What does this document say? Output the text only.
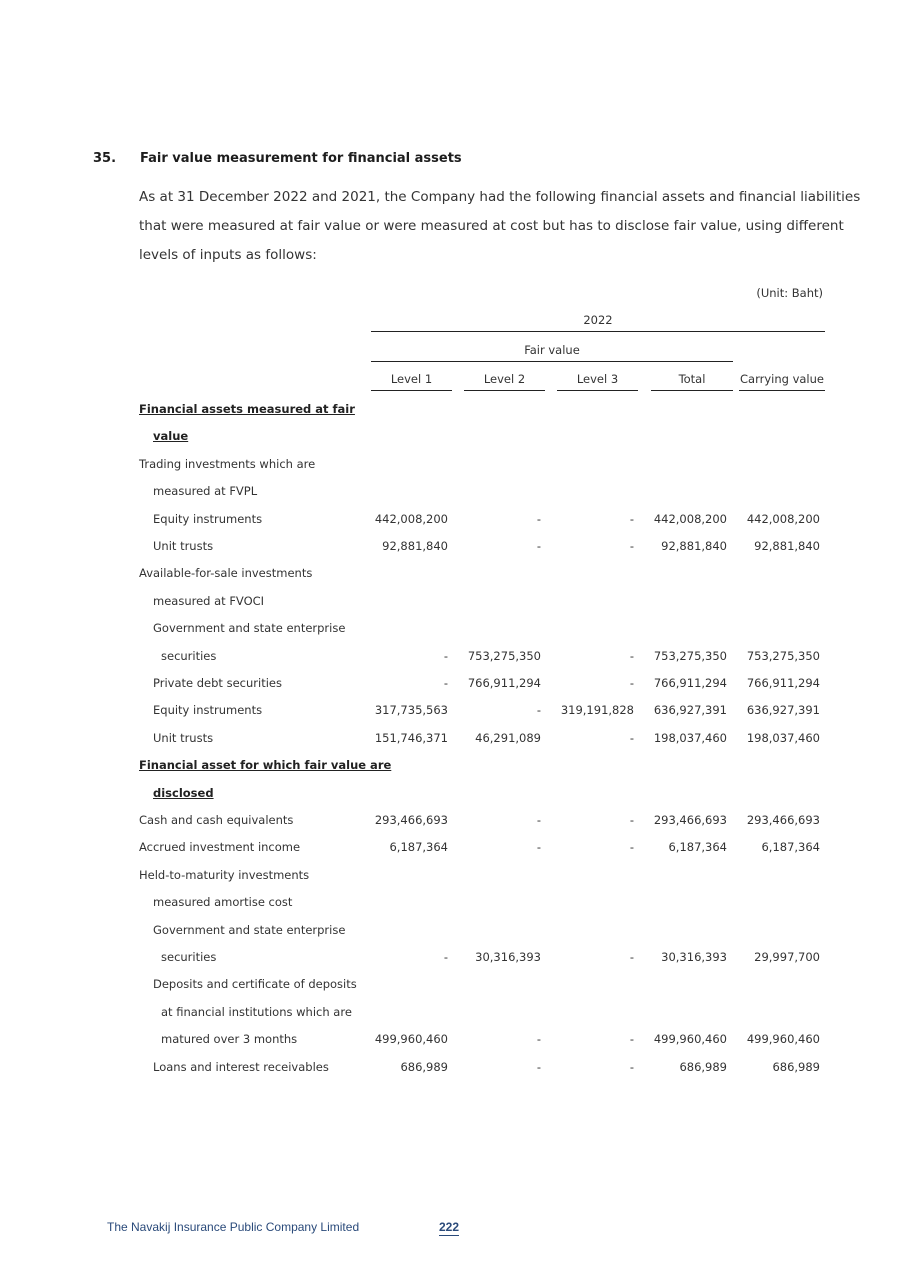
35. Fair value measurement for financial assets
As at 31 December 2022 and 2021, the Company had the following financial assets and financial liabilities
that were measured at fair value or were measured at cost but has to disclose fair value, using different
levels of inputs as follows:
(Unit: Baht)
2022
Fair value
Level 1	Level 2	Level 3	Total	Carrying value
Financial assets measured at fair
value
Trading investments which are
measured at FVPL
Equity instruments	442,008,200	-	-	442,008,200	442,008,200
Unit trusts	92,881,840	-	-	92,881,840	92,881,840
Available-for-sale investments
measured at FVOCI
Government and state enterprise
securities	-	753,275,350	-	753,275,350	753,275,350
Private debt securities	-	766,911,294	-	766,911,294	766,911,294
Equity instruments	317,735,563	-	319,191,828	636,927,391	636,927,391
Unit trusts	151,746,371	46,291,089	-	198,037,460	198,037,460
Financial asset for which fair value are
disclosed
Cash and cash equivalents	293,466,693	-	-	293,466,693	293,466,693
Accrued investment income	6,187,364	-	-	6,187,364	6,187,364
Held-to-maturity investments
measured amortise cost
Government and state enterprise
securities	-	30,316,393	-	30,316,393	29,997,700
Deposits and certificate of deposits
at financial institutions which are
matured over 3 months	499,960,460	-	-	499,960,460	499,960,460
Loans and interest receivables	686,989	-	-	686,989	686,989
The Navakij Insurance Public Company Limited	222
